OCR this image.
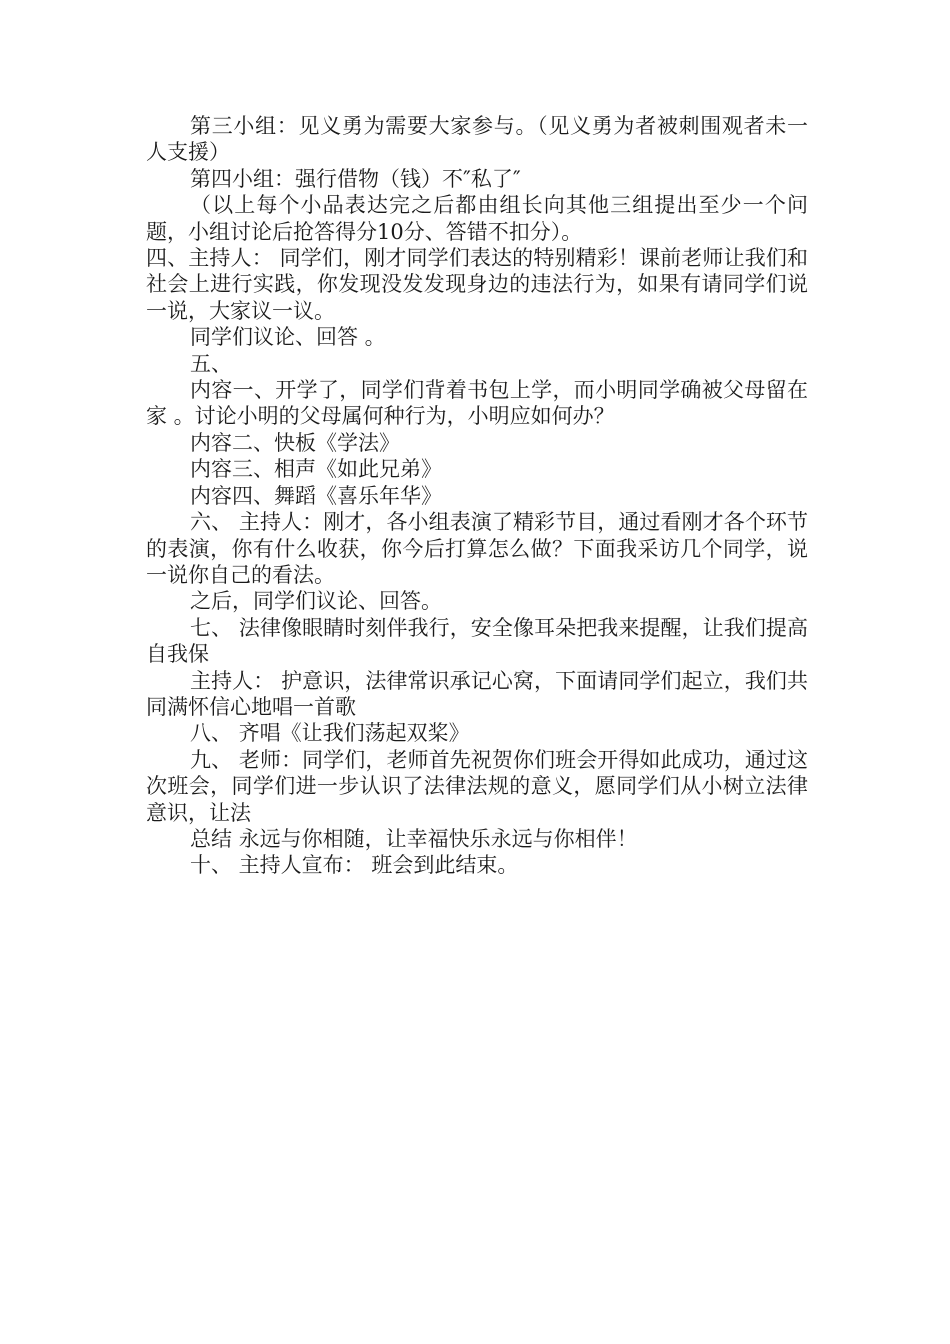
第三小组：见义勇为需要大家参与。（见义勇为者被刺围观者未一人支援）

第四小组：强行借物（钱）不″私了″

（以上每个小品表达完之后都由组长向其他三组提出至少一个问题，小组讨论后抢答得分10分、答错不扣分）。

四、主持人： 同学们，刚才同学们表达的特别精彩！课前老师让我们和社会上进行实践，你发现没发发现身边的违法行为，如果有请同学们说一说，大家议一议。

同学们议论、回答 。

五、

内容一、开学了，同学们背着书包上学，而小明同学确被父母留在家 。讨论小明的父母属何种行为，小明应如何办？

内容二、快板《学法》

内容三、相声《如此兄弟》

内容四、舞蹈《喜乐年华》

六、 主持人：刚才，各小组表演了精彩节目，通过看刚才各个环节的表演，你有什么收获，你今后打算怎么做？下面我采访几个同学，说一说你自己的看法。

之后，同学们议论、回答。

七、 法律像眼睛时刻伴我行，安全像耳朵把我来提醒，让我们提高自我保

主持人： 护意识，法律常识承记心窝，下面请同学们起立，我们共同满怀信心地唱一首歌

八、 齐唱《让我们荡起双桨》

九、 老师：同学们，老师首先祝贺你们班会开得如此成功，通过这次班会，同学们进一步认识了法律法规的意义，愿同学们从小树立法律意识，让法

总结 永远与你相随，让幸福快乐永远与你相伴！

十、 主持人宣布： 班会到此结束。
